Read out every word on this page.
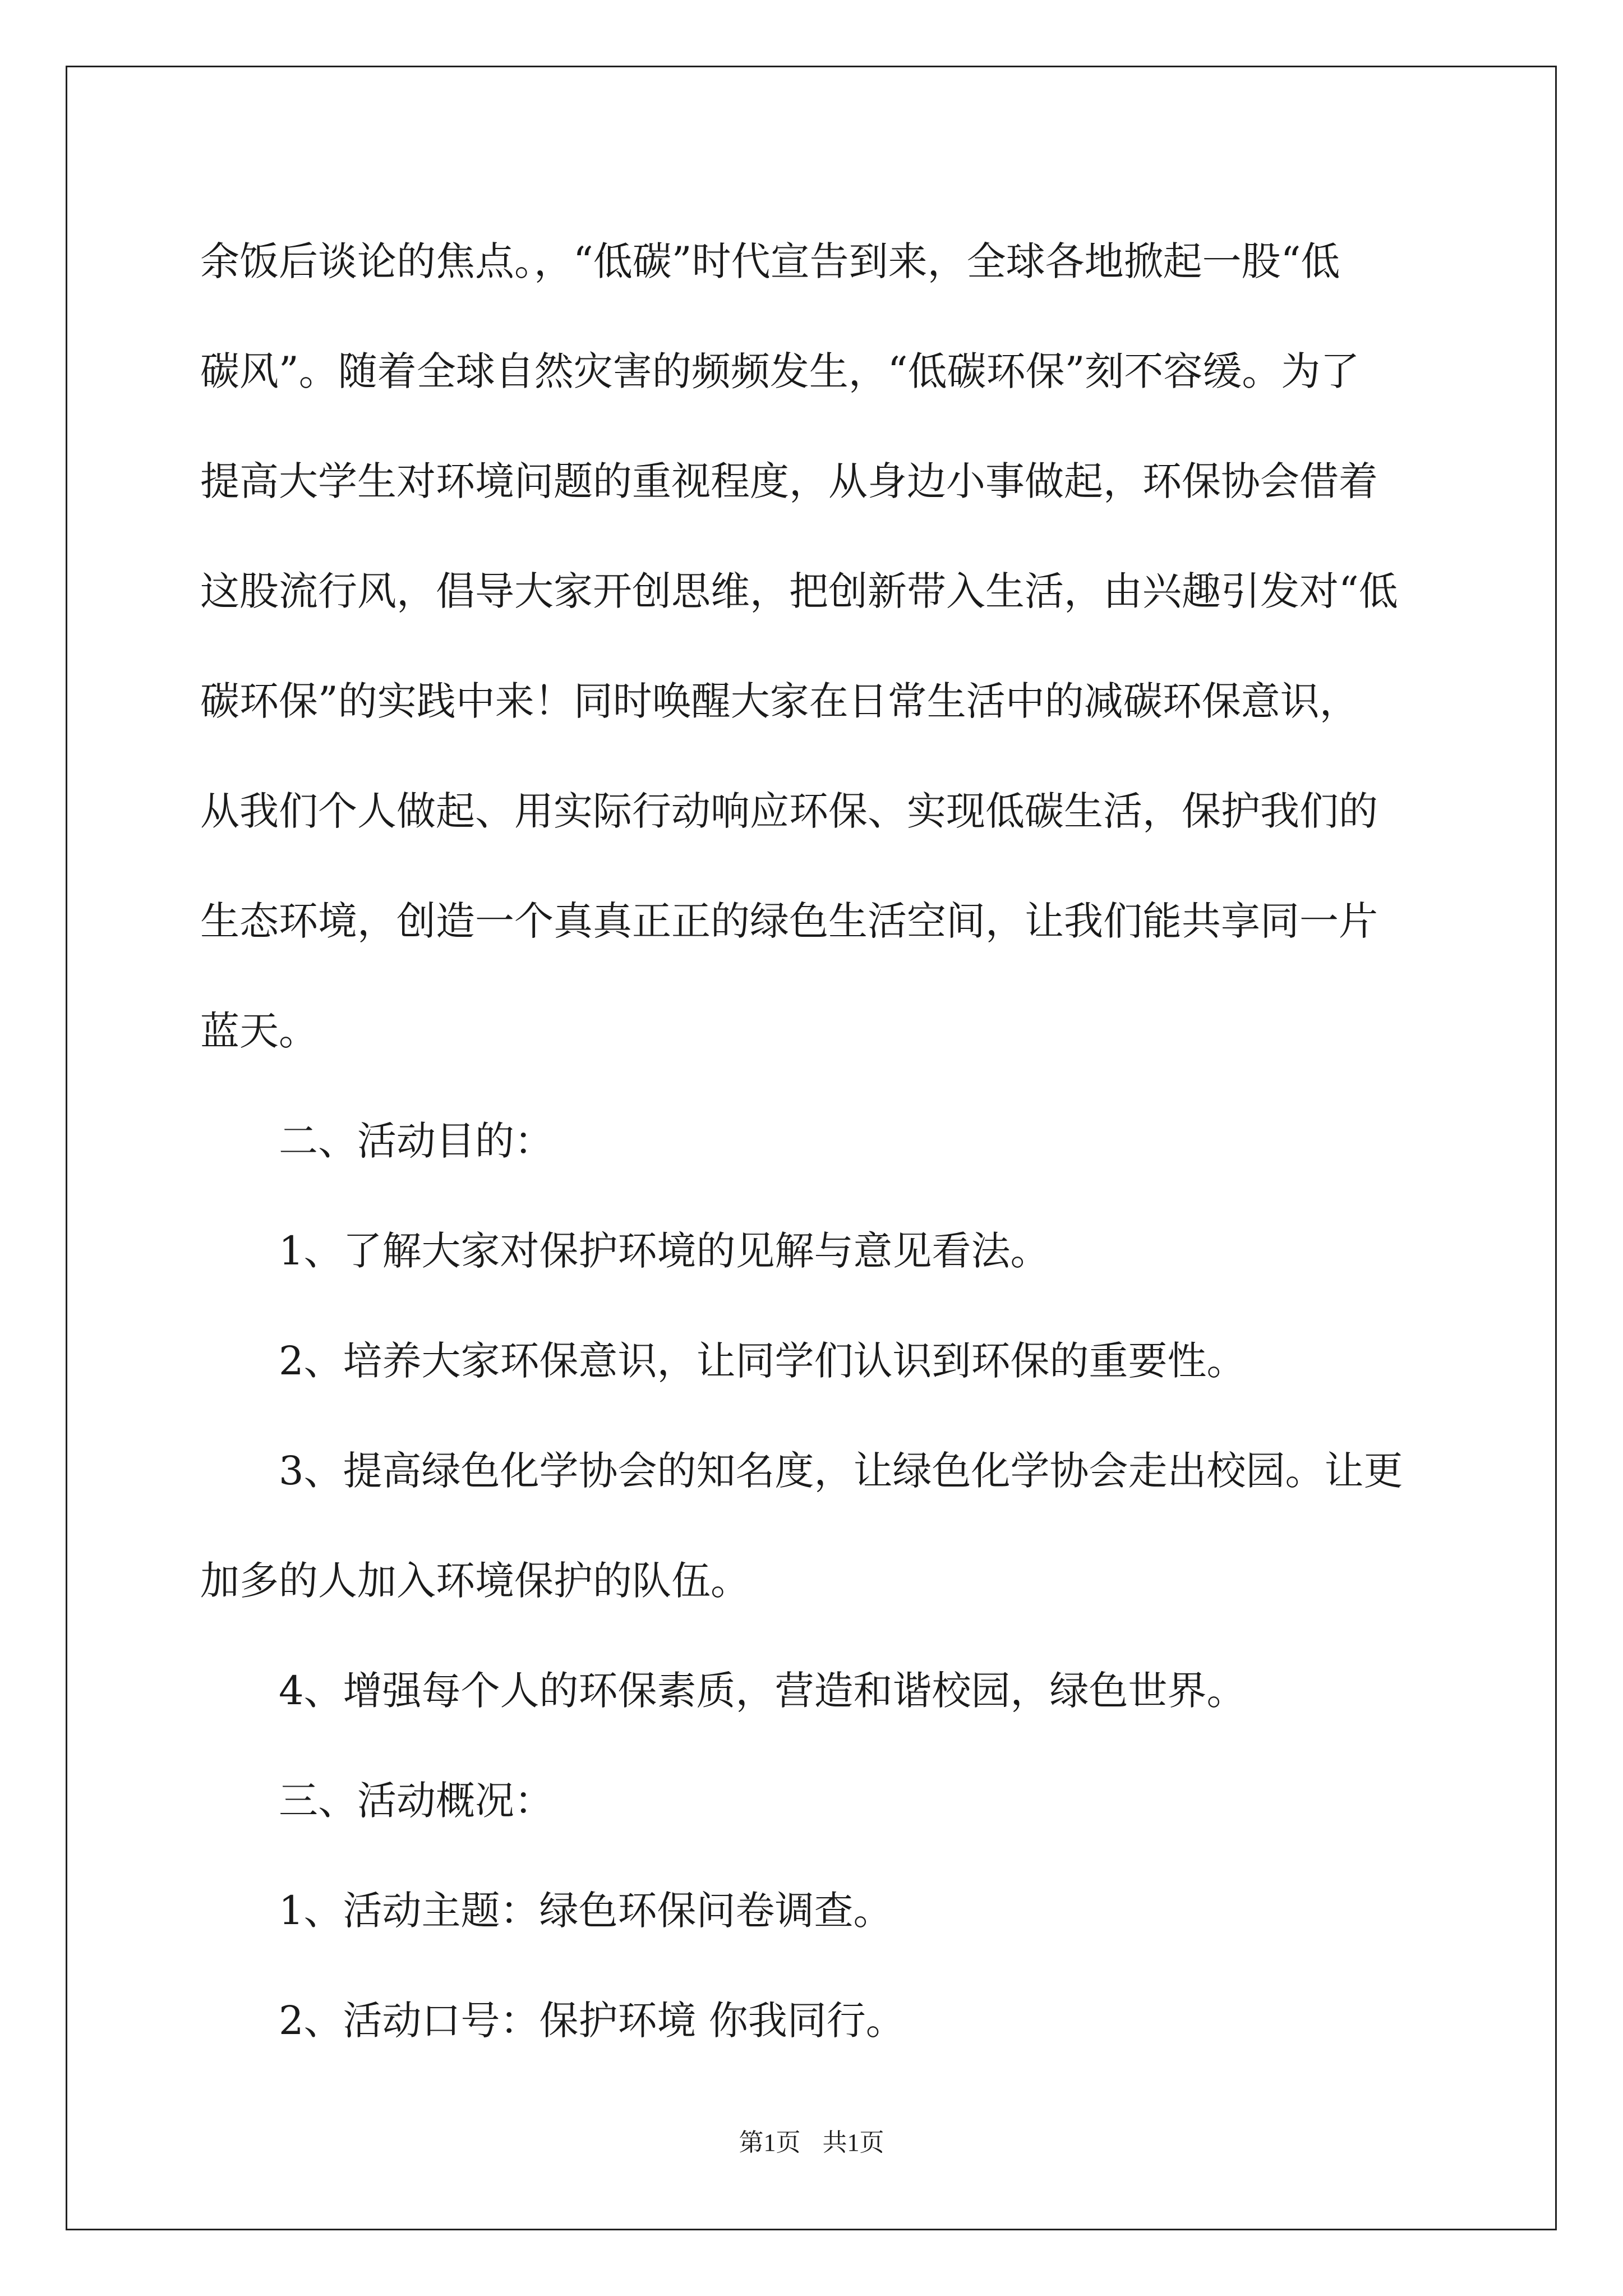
余饭后谈论的焦点。，“低碳”时代宣告到来，全球各地掀起一股“低
碳风”。随着全球自然灾害的频频发生，“低碳环保”刻不容缓。为了
提高大学生对环境问题的重视程度，从身边小事做起，环保协会借着
这股流行风，倡导大家开创思维，把创新带入生活，由兴趣引发对“低
碳环保”的实践中来！同时唤醒大家在日常生活中的减碳环保意识，
从我们个人做起、用实际行动响应环保、实现低碳生活，保护我们的
生态环境，创造一个真真正正的绿色生活空间，让我们能共享同一片
蓝天。
二、活动目的：
1、了解大家对保护环境的见解与意见看法。
2、培养大家环保意识，让同学们认识到环保的重要性。
3、提高绿色化学协会的知名度，让绿色化学协会走出校园。让更
加多的人加入环境保护的队伍。
4、增强每个人的环保素质，营造和谐校园，绿色世界。
三、活动概况：
1、活动主题：绿色环保问卷调查。
2、活动口号：保护环境 你我同行。
第1页 共1页
